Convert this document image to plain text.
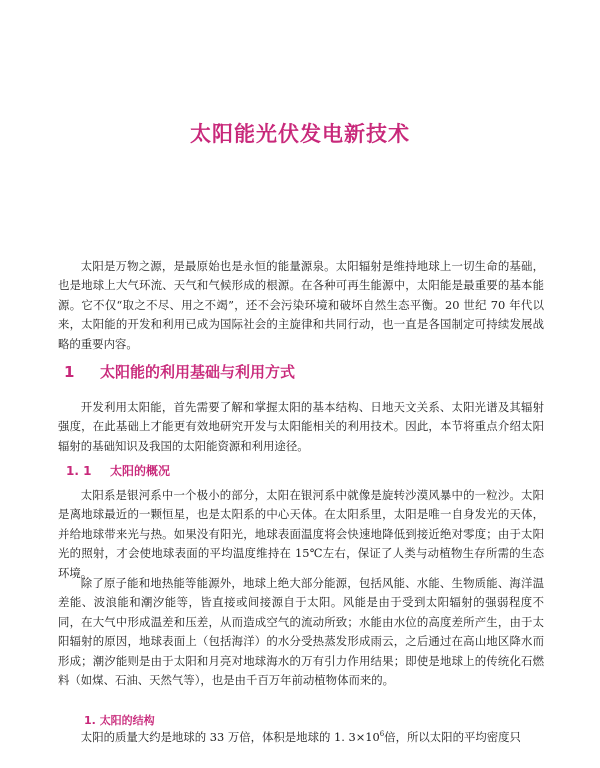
太阳能光伏发电新技术

太阳是万物之源，是最原始也是永恒的能量源泉。太阳辐射是维持地球上一切生命的基础，也是地球上大气环流、天气和气候形成的根源。在各种可再生能源中，太阳能是最重要的基本能源。它不仅“取之不尽、用之不竭”，还不会污染环境和破坏自然生态平衡。20 世纪 70 年代以来，太阳能的开发和利用已成为国际社会的主旋律和共同行动，也一直是各国制定可持续发展战略的重要内容。

1 太阳能的利用基础与利用方式

开发利用太阳能，首先需要了解和掌握太阳的基本结构、日地天文关系、太阳光谱及其辐射强度，在此基础上才能更有效地研究开发与太阳能相关的利用技术。因此，本节将重点介绍太阳辐射的基础知识及我国的太阳能资源和利用途径。

1. 1 太阳的概况

太阳系是银河系中一个极小的部分，太阳在银河系中就像是旋转沙漠风暴中的一粒沙。太阳是离地球最近的一颗恒星，也是太阳系的中心天体。在太阳系里，太阳是唯一自身发光的天体，并给地球带来光与热。如果没有阳光，地球表面温度将会快速地降低到接近绝对零度；由于太阳光的照射，才会使地球表面的平均温度维持在 15℃左右，保证了人类与动植物生存所需的生态环境。

除了原子能和地热能等能源外，地球上绝大部分能源，包括风能、水能、生物质能、海洋温差能、波浪能和潮汐能等，皆直接或间接源自于太阳。风能是由于受到太阳辐射的强弱程度不同，在大气中形成温差和压差，从而造成空气的流动所致；水能由水位的高度差所产生，由于太阳辐射的原因，地球表面上（包括海洋）的水分受热蒸发形成雨云，之后通过在高山地区降水而形成；潮汐能则是由于太阳和月亮对地球海水的万有引力作用结果；即使是地球上的传统化石燃料（如煤、石油、天然气等），也是由千百万年前动植物体而来的。

1. 太阳的结构

太阳的质量大约是地球的 33 万倍，体积是地球的 1. $3\times 10^6$倍，所以太阳的平均密度只
